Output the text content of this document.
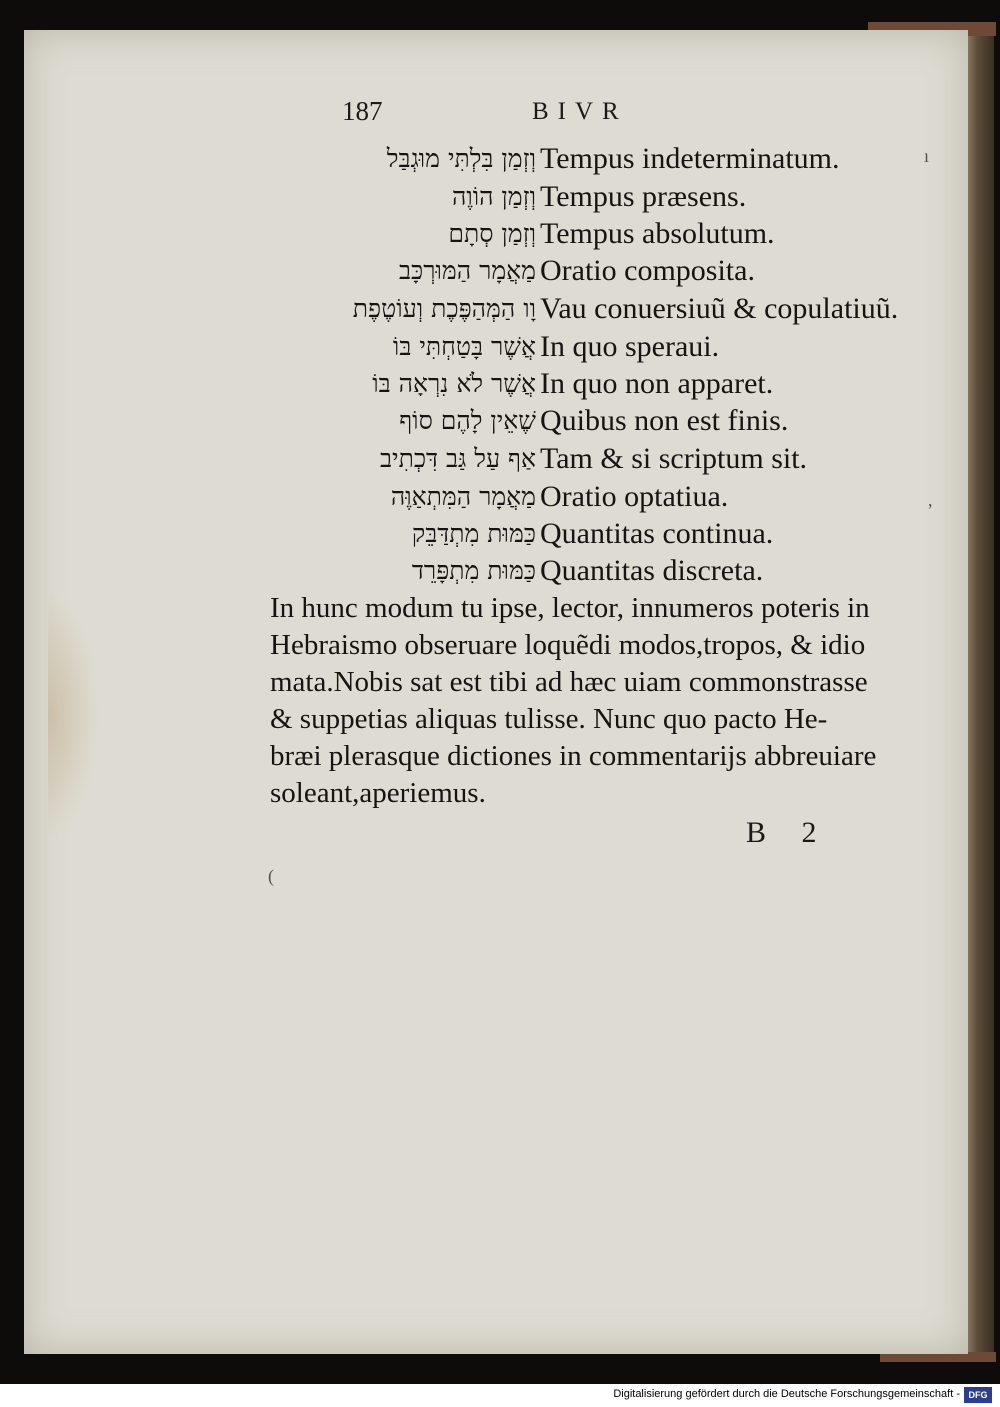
187	BIVR
וְזְמַן בִּלְתִּי מוּגְבַּל Tempus indeterminatum.
וְזְמַן הוֹוֶה Tempus præsens.
וְזְמַן סְתָם Tempus absolutum.
מַאֲמָר הַמּוּרְכָּב Oratio composita.
וָו הַמְּהַפֶּכֶת וְעוֹטֶפֶת Vau conuersiuũ & copulatiuũ.
אֲשֶׁר בָּטַחְתִּי בּוֹ In quo speraui.
אֲשֶׁר לֹא נִרְאָה בּוֹ In quo non apparet.
שֶׁאֵין לָהֶם סוֹף Quibus non est finis.
אַף עַל גַּב דִּכְתִיב Tam & si scriptum sit.
מַאֲמָר הַמִּתְאַוֶּה Oratio optatiua.
כַּמּוּת מִתְדַּבֵּק Quantitas continua.
כַּמּוּת מִתְפָּרֵד Quantitas discreta.
In hunc modum tu ipse, lector, innumeros poteris in
Hebraismo obseruare loquẽdi modos,tropos, & idio
mata.Nobis sat est tibi ad hæc uiam commonstrasse
& suppetias aliquas tulisse. Nunc quo pacto He-
bræi plerasque dictiones in commentarijs abbreuiare
soleant,aperiemus.
B 2
ı
,
(
Digitalisierung gefördert durch die Deutsche Forschungsgemeinschaft - DFG
